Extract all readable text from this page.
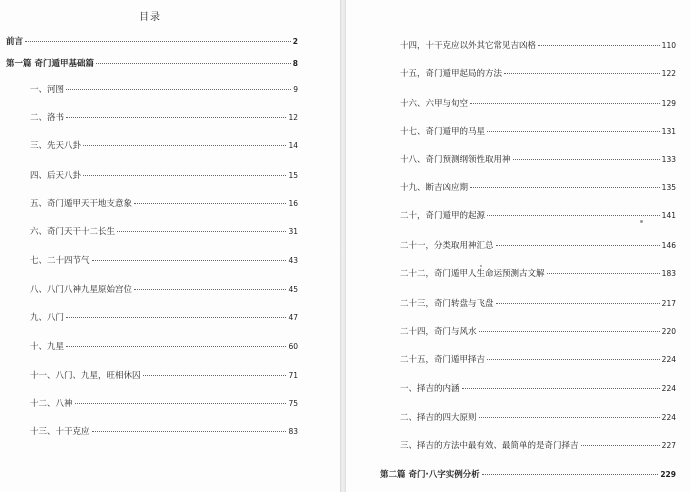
目录
前言	2
第一篇 奇门遁甲基础篇	8
一、河图	9
二、洛书	12
三、先天八卦	14
四、后天八卦	15
五、奇门遁甲天干地支意象	16
六、奇门天干十二长生	31
七、二十四节气	43
八、八门八神九星原始宫位	45
九、八门	47
十、九星	60
十一、八门、九星，旺相休囚	71
十二、八神	75
十三、十干克应	83
十四，十干克应以外其它常见吉凶格	110
十五，奇门遁甲起局的方法	122
十六、六甲与旬空	129
十七、奇门遁甲的马星	131
十八、奇门预测纲领性取用神	133
十九、断吉凶应期	135
二十，奇门遁甲的起源	141
二十一，分类取用神汇总	146
二十二，奇门遁甲人生命运预测古文解	183
二十三，奇门转盘与飞盘	217
二十四，奇门与风水	220
二十五，奇门遁甲择吉	224
一、择吉的内涵	224
二、择吉的四大原则	224
三、择吉的方法中最有效、最简单的是奇门择吉	227
第二篇 奇门·八字实例分析	229
